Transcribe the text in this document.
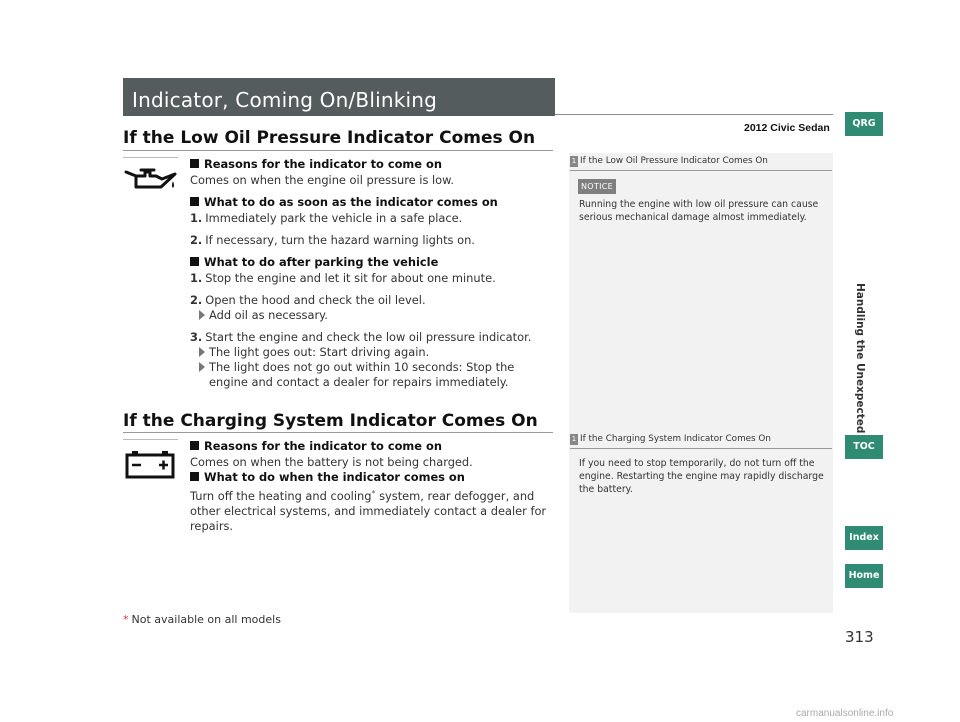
Indicator, Coming On/Blinking
2012 Civic Sedan
If the Low Oil Pressure Indicator Comes On
Reasons for the indicator to come on
Comes on when the engine oil pressure is low.
What to do as soon as the indicator comes on
1. Immediately park the vehicle in a safe place.
2. If necessary, turn the hazard warning lights on.
What to do after parking the vehicle
1. Stop the engine and let it sit for about one minute.
2. Open the hood and check the oil level.
Add oil as necessary.
3. Start the engine and check the low oil pressure indicator.
The light goes out: Start driving again.
The light does not go out within 10 seconds: Stop the engine and contact a dealer for repairs immediately.
If the Charging System Indicator Comes On
Reasons for the indicator to come on
Comes on when the battery is not being charged.
What to do when the indicator comes on
Turn off the heating and cooling* system, rear defogger, and other electrical systems, and immediately contact a dealer for repairs.
1 If the Low Oil Pressure Indicator Comes On
NOTICE
Running the engine with low oil pressure can cause serious mechanical damage almost immediately.
1 If the Charging System Indicator Comes On
If you need to stop temporarily, do not turn off the engine. Restarting the engine may rapidly discharge the battery.
QRG
Handling the Unexpected
TOC
Index
Home
* Not available on all models
313
carmanualsonline.info
